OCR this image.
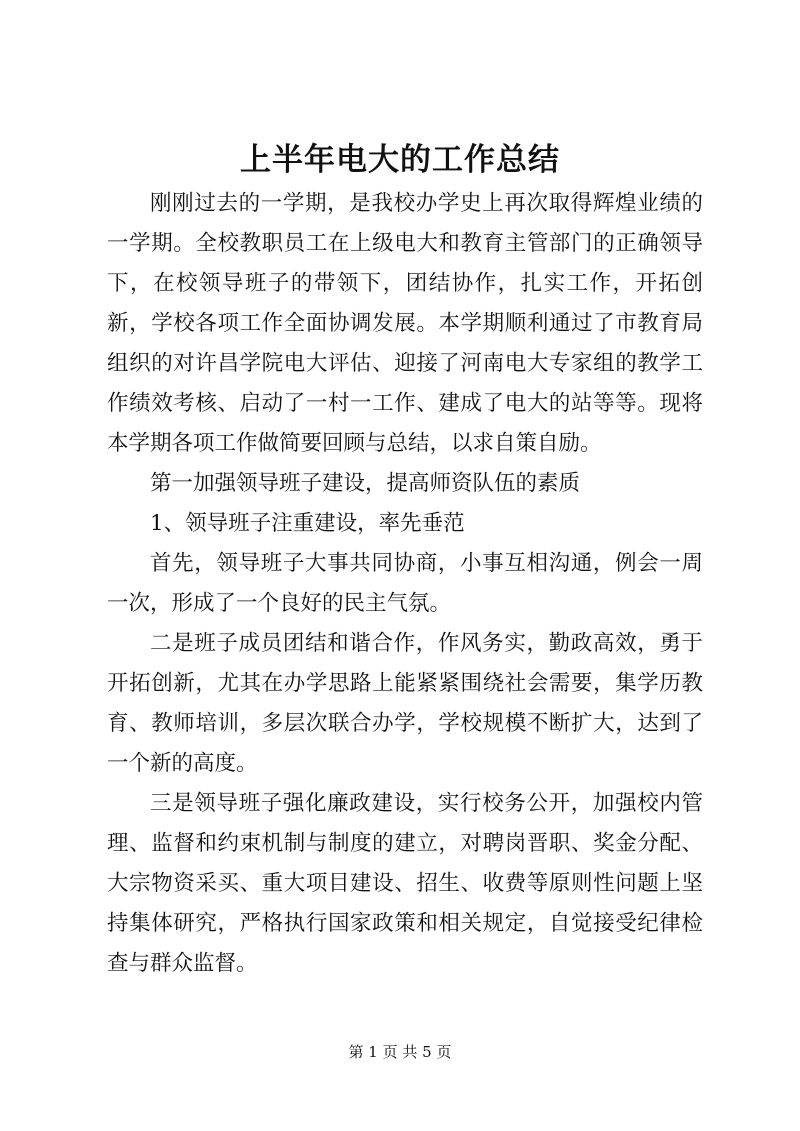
上半年电大的工作总结

刚刚过去的一学期，是我校办学史上再次取得辉煌业绩的一学期。全校教职员工在上级电大和教育主管部门的正确领导下，在校领导班子的带领下，团结协作，扎实工作，开拓创新，学校各项工作全面协调发展。本学期顺利通过了市教育局组织的对许昌学院电大评估、迎接了河南电大专家组的教学工作绩效考核、启动了一村一工作、建成了电大的站等等。现将本学期各项工作做简要回顾与总结，以求自策自励。

第一加强领导班子建设，提高师资队伍的素质

1、领导班子注重建设，率先垂范

首先，领导班子大事共同协商，小事互相沟通，例会一周一次，形成了一个良好的民主气氛。

二是班子成员团结和谐合作，作风务实，勤政高效，勇于开拓创新，尤其在办学思路上能紧紧围绕社会需要，集学历教育、教师培训，多层次联合办学，学校规模不断扩大，达到了一个新的高度。

三是领导班子强化廉政建设，实行校务公开，加强校内管理、监督和约束机制与制度的建立，对聘岗晋职、奖金分配、大宗物资采买、重大项目建设、招生、收费等原则性问题上坚持集体研究，严格执行国家政策和相关规定，自觉接受纪律检查与群众监督。

第 1 页 共 5 页
